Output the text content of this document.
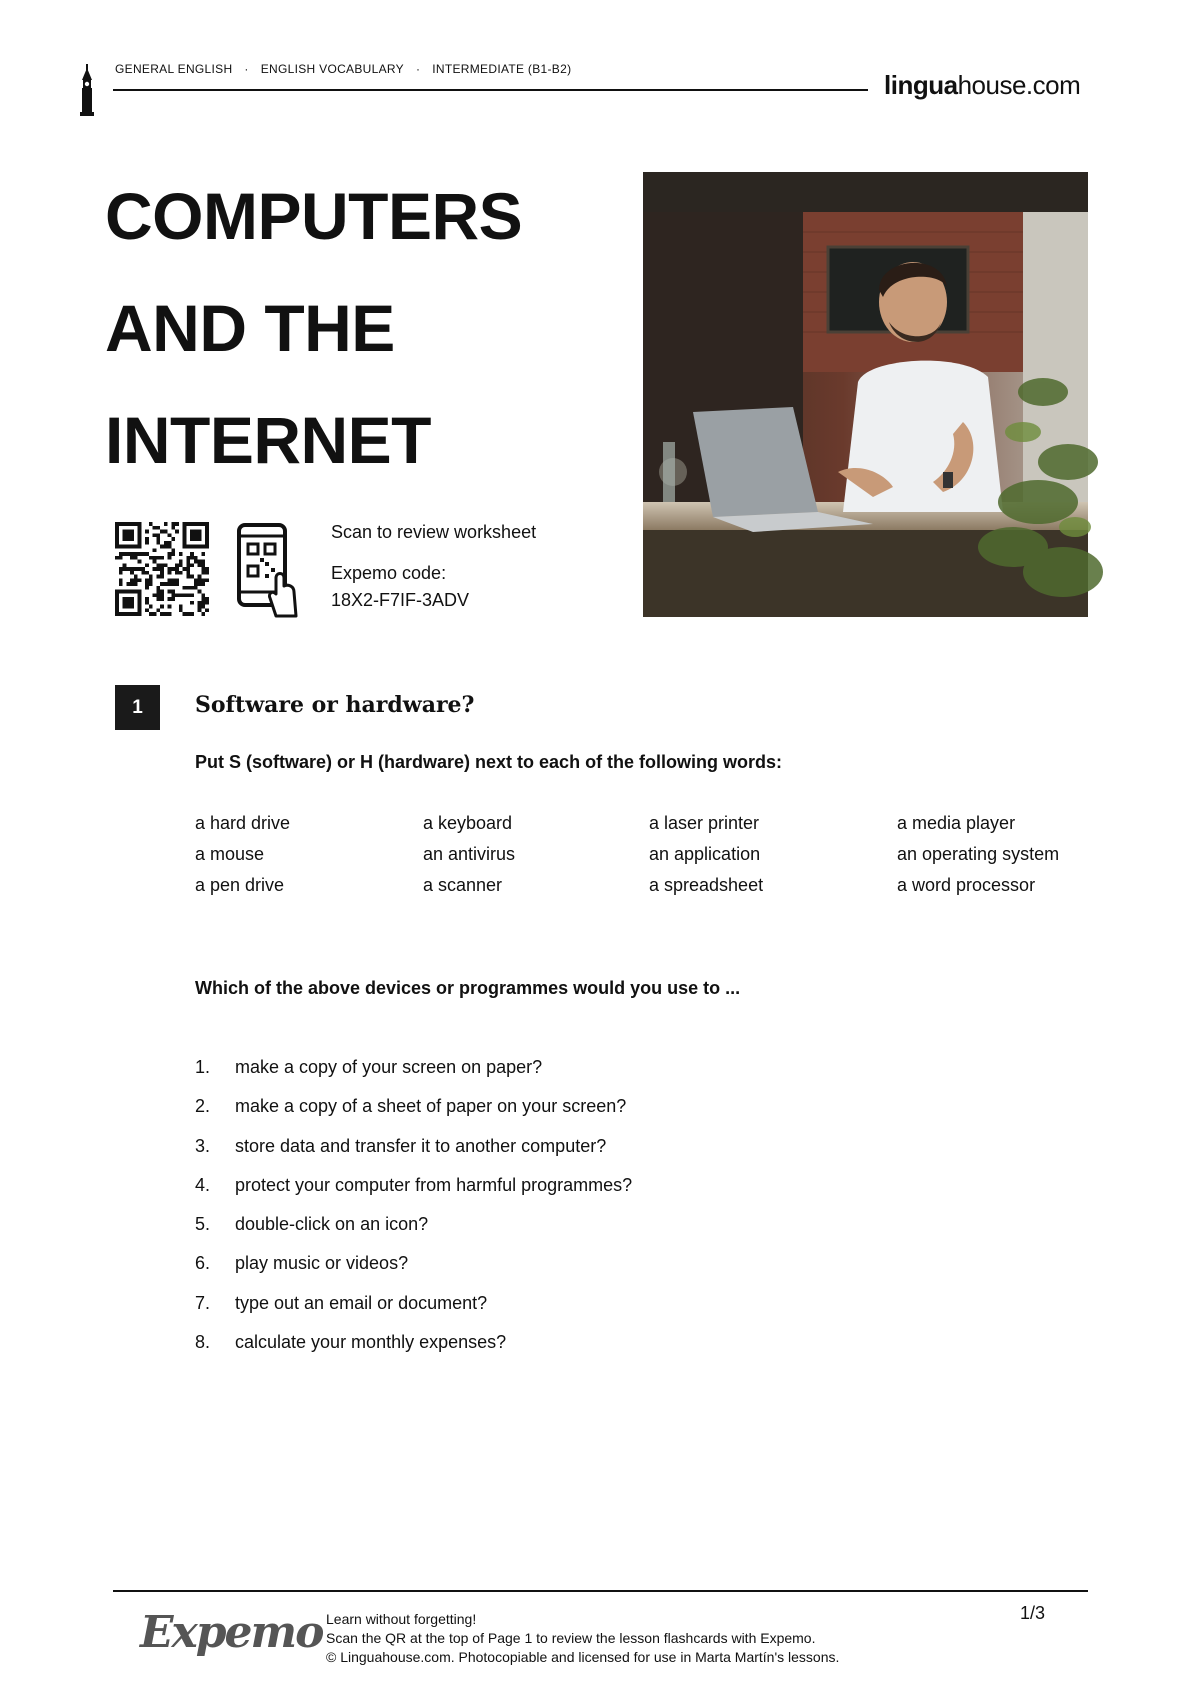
GENERAL ENGLISH · ENGLISH VOCABULARY · INTERMEDIATE (B1-B2)
linguahouse.com
COMPUTERS
AND THE
INTERNET
Scan to review worksheet
Expemo code:
18X2-F7IF-3ADV
1	Software or hardware?
Put S (software) or H (hardware) next to each of the following words:
a hard drive	a keyboard	a laser printer	a media player
a mouse	an antivirus	an application	an operating system
a pen drive	a scanner	a spreadsheet	a word processor
Which of the above devices or programmes would you use to ...
1.	make a copy of your screen on paper?
2.	make a copy of a sheet of paper on your screen?
3.	store data and transfer it to another computer?
4.	protect your computer from harmful programmes?
5.	double-click on an icon?
6.	play music or videos?
7.	type out an email or document?
8.	calculate your monthly expenses?
Expemo Learn without forgetting!
Scan the QR at the top of Page 1 to review the lesson flashcards with Expemo.
© Linguahouse.com. Photocopiable and licensed for use in Marta Martín's lessons.
1/3
